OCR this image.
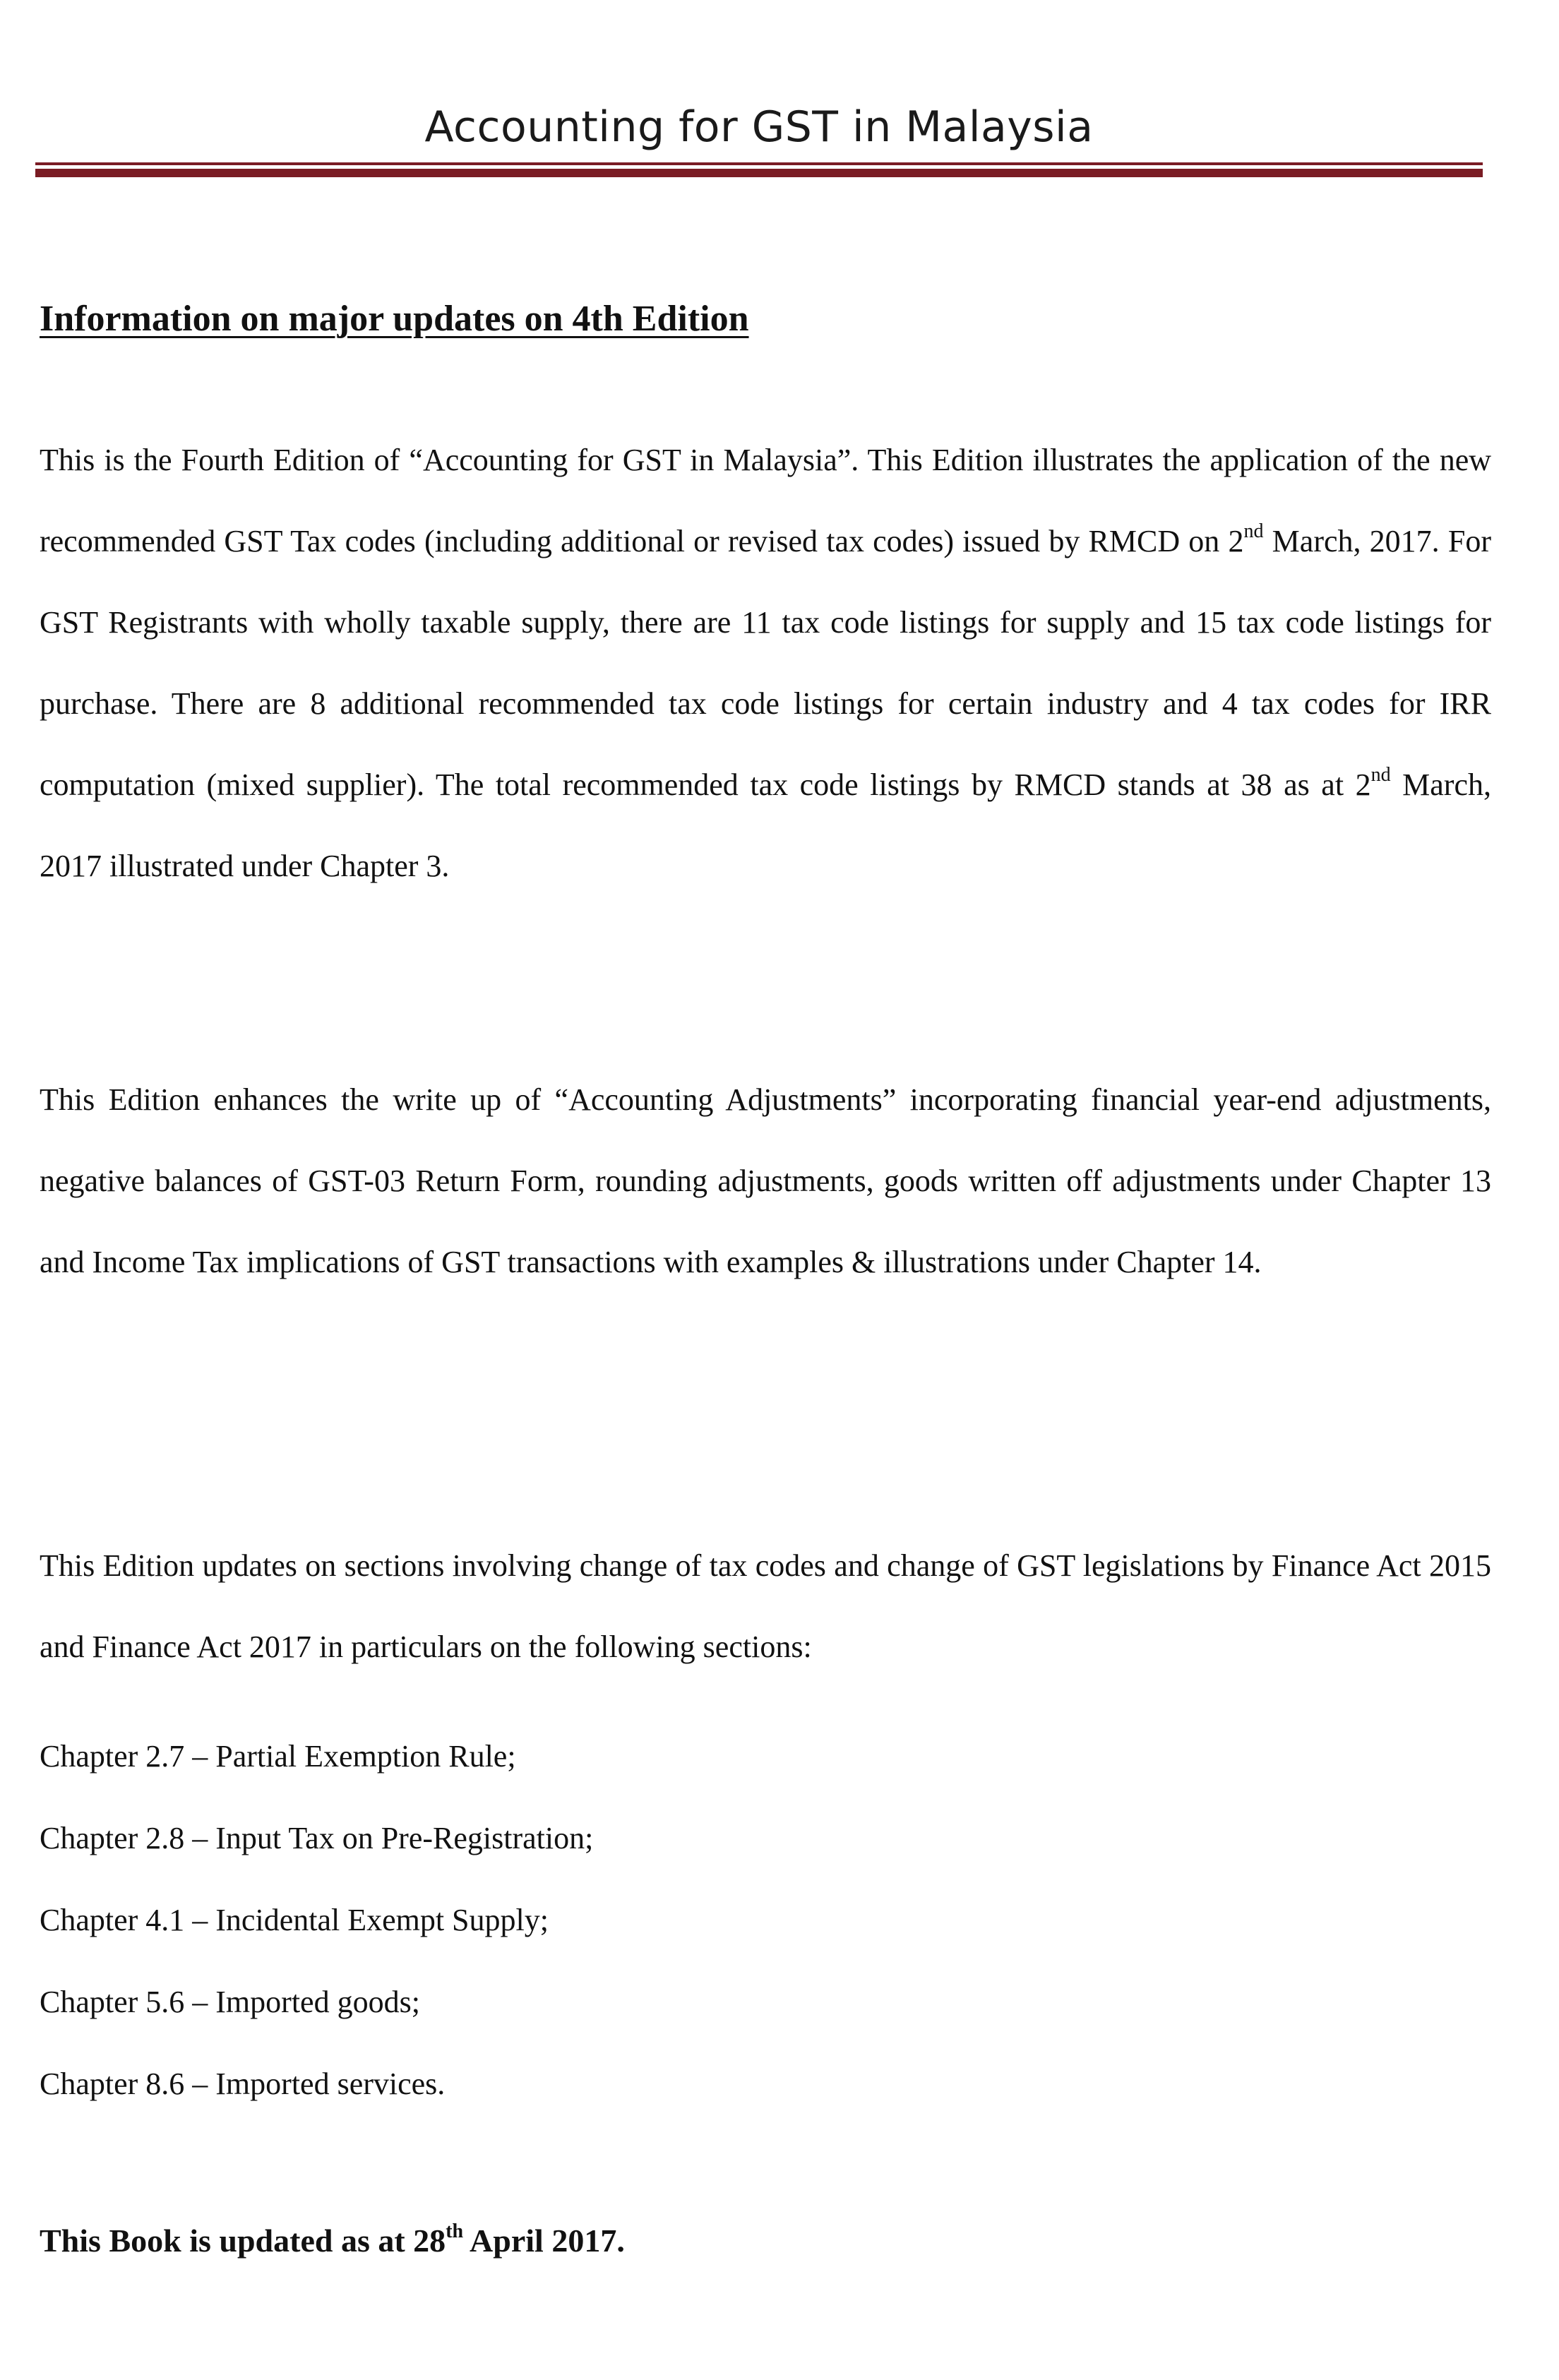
Accounting for GST in Malaysia
Information on major updates on 4th Edition

This is the Fourth Edition of “Accounting for GST in Malaysia”. This Edition illustrates the application of the new recommended GST Tax codes (including additional or revised tax codes) issued by RMCD on 2nd March, 2017. For GST Registrants with wholly taxable supply, there are 11 tax code listings for supply and 15 tax code listings for purchase. There are 8 additional recommended tax code listings for certain industry and 4 tax codes for IRR computation (mixed supplier). The total recommended tax code listings by RMCD stands at 38 as at 2nd March, 2017 illustrated under Chapter 3.

This Edition enhances the write up of “Accounting Adjustments” incorporating financial year-end adjustments, negative balances of GST-03 Return Form, rounding adjustments, goods written off adjustments under Chapter 13 and Income Tax implications of GST transactions with examples & illustrations under Chapter 14.

This Edition updates on sections involving change of tax codes and change of GST legislations by Finance Act 2015 and Finance Act 2017 in particulars on the following sections:

Chapter 2.7 – Partial Exemption Rule;
Chapter 2.8 – Input Tax on Pre-Registration;
Chapter 4.1 – Incidental Exempt Supply;
Chapter 5.6 – Imported goods;
Chapter 8.6 – Imported services.

This Book is updated as at 28th April 2017.
